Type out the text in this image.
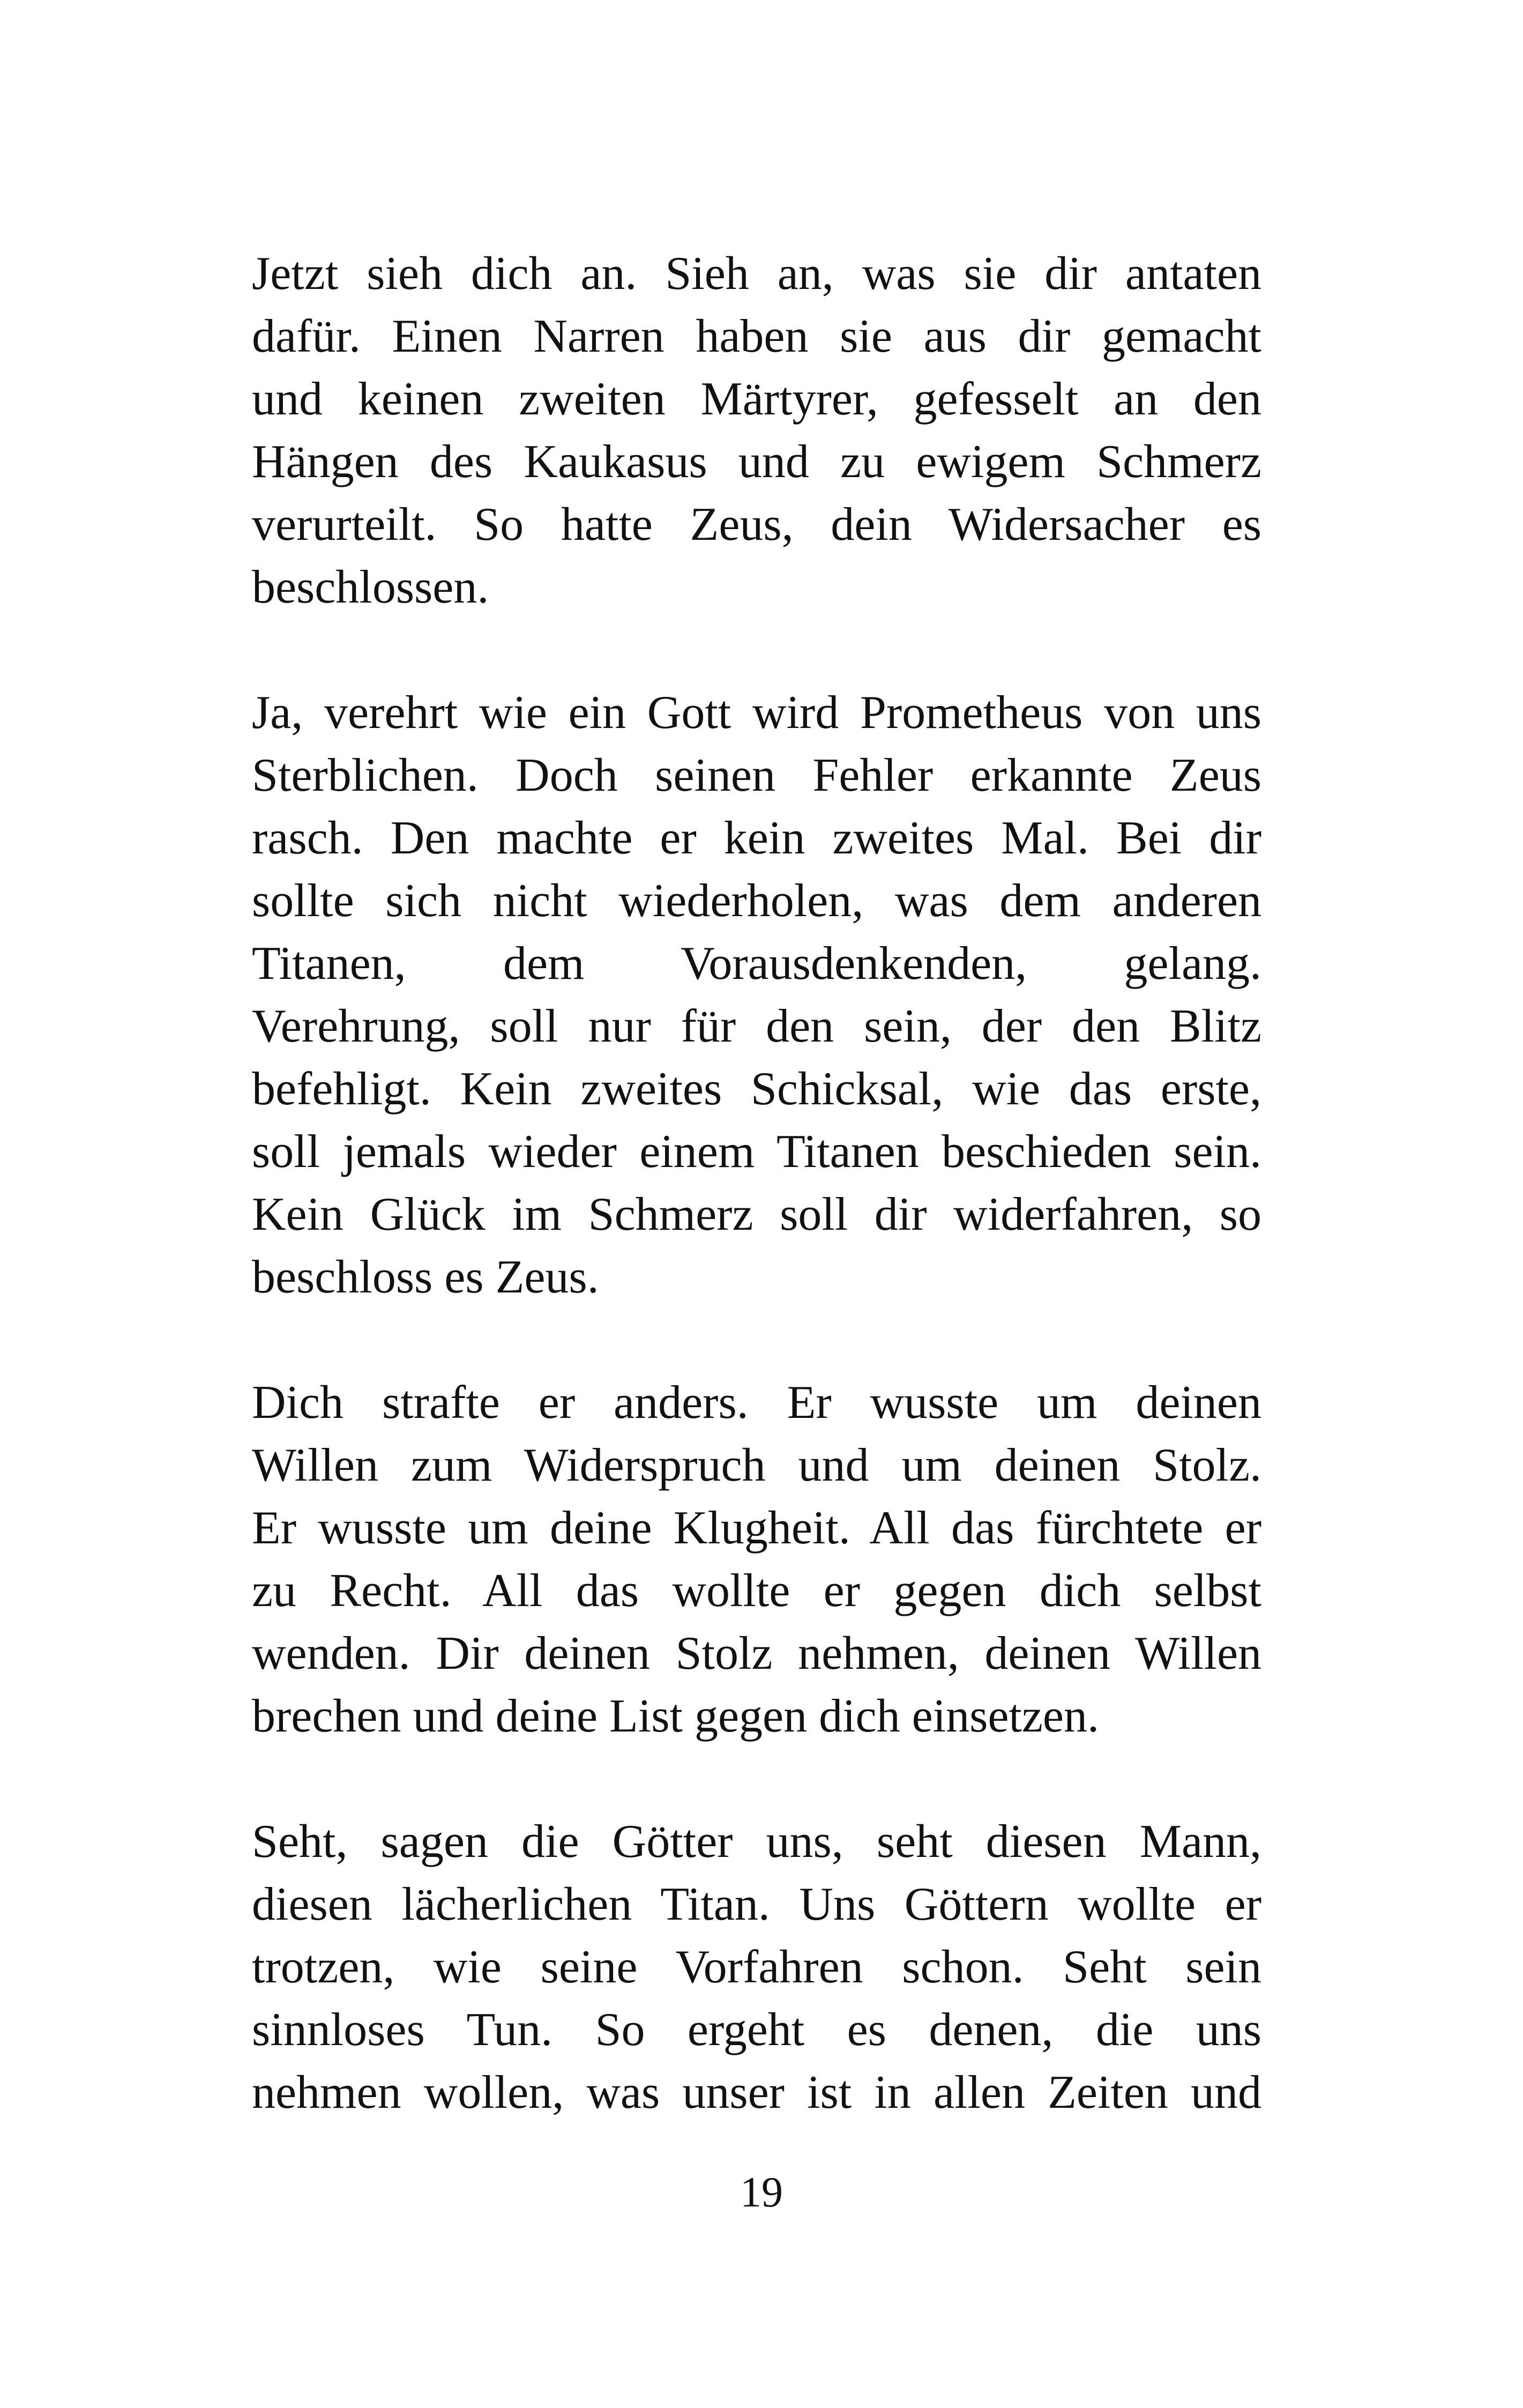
Jetzt sieh dich an. Sieh an, was sie dir antaten
dafür. Einen Narren haben sie aus dir gemacht
und keinen zweiten Märtyrer, gefesselt an den
Hängen des Kaukasus und zu ewigem Schmerz
verurteilt. So hatte Zeus, dein Widersacher es
beschlossen.

Ja, verehrt wie ein Gott wird Prometheus von uns
Sterblichen. Doch seinen Fehler erkannte Zeus
rasch. Den machte er kein zweites Mal. Bei dir
sollte sich nicht wiederholen, was dem anderen
Titanen, dem Vorausdenkenden, gelang.
Verehrung, soll nur für den sein, der den Blitz
befehligt. Kein zweites Schicksal, wie das erste,
soll jemals wieder einem Titanen beschieden sein.
Kein Glück im Schmerz soll dir widerfahren, so
beschloss es Zeus.

Dich strafte er anders. Er wusste um deinen
Willen zum Widerspruch und um deinen Stolz.
Er wusste um deine Klugheit. All das fürchtete er
zu Recht. All das wollte er gegen dich selbst
wenden. Dir deinen Stolz nehmen, deinen Willen
brechen und deine List gegen dich einsetzen.

Seht, sagen die Götter uns, seht diesen Mann,
diesen lächerlichen Titan. Uns Göttern wollte er
trotzen, wie seine Vorfahren schon. Seht sein
sinnloses Tun. So ergeht es denen, die uns
nehmen wollen, was unser ist in allen Zeiten und

19
